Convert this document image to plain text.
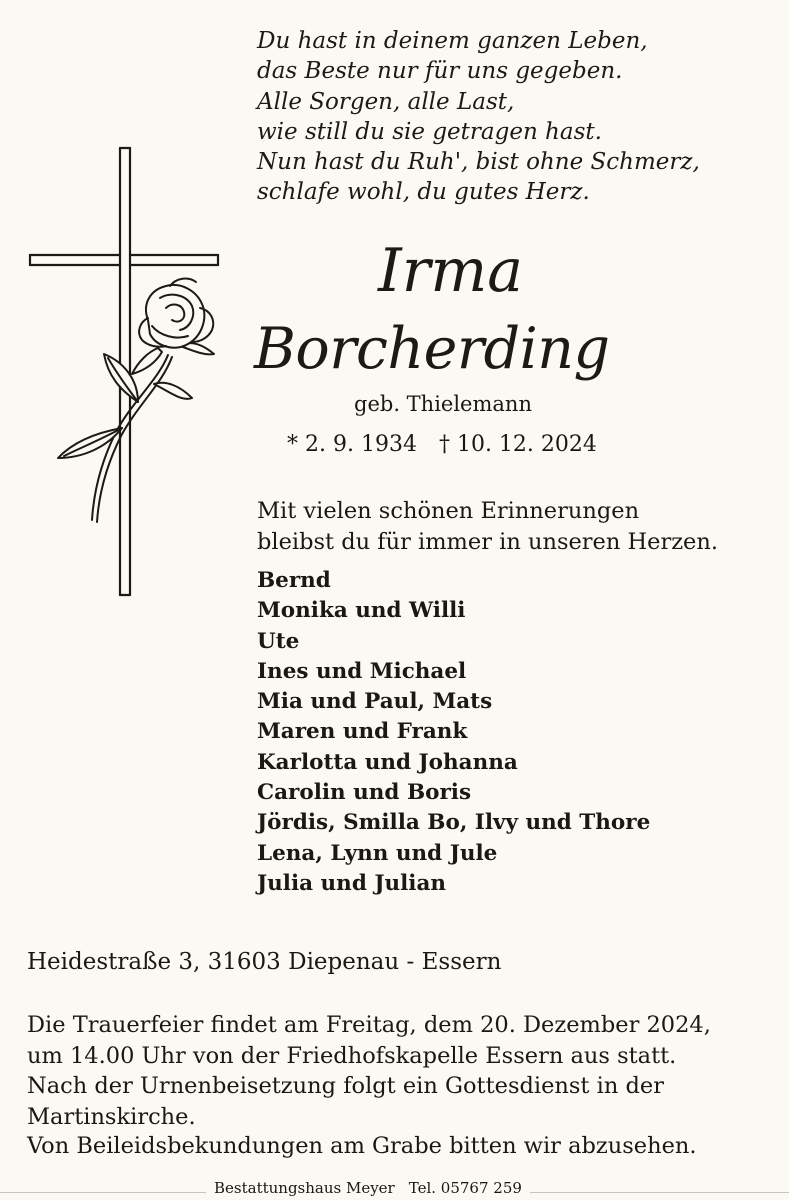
Du hast in deinem ganzen Leben,
das Beste nur für uns gegeben.
Alle Sorgen, alle Last,
wie still du sie getragen hast.
Nun hast du Ruh', bist ohne Schmerz,
schlafe wohl, du gutes Herz.
Irma
Borcherding
geb. Thielemann
* 2. 9. 1934 † 10. 12. 2024
Mit vielen schönen Erinnerungen
bleibst du für immer in unseren Herzen.
Bernd
Monika und Willi
Ute
Ines und Michael
Mia und Paul, Mats
Maren und Frank
Karlotta und Johanna
Carolin und Boris
Jördis, Smilla Bo, Ilvy und Thore
Lena, Lynn und Jule
Julia und Julian
Heidestraße 3, 31603 Diepenau - Essern
Die Trauerfeier findet am Freitag, dem 20. Dezember 2024,
um 14.00 Uhr von der Friedhofskapelle Essern aus statt.
Nach der Urnenbeisetzung folgt ein Gottesdienst in der
Martinskirche.
Von Beileidsbekundungen am Grabe bitten wir abzusehen.
Bestattungshaus Meyer Tel. 05767 259
